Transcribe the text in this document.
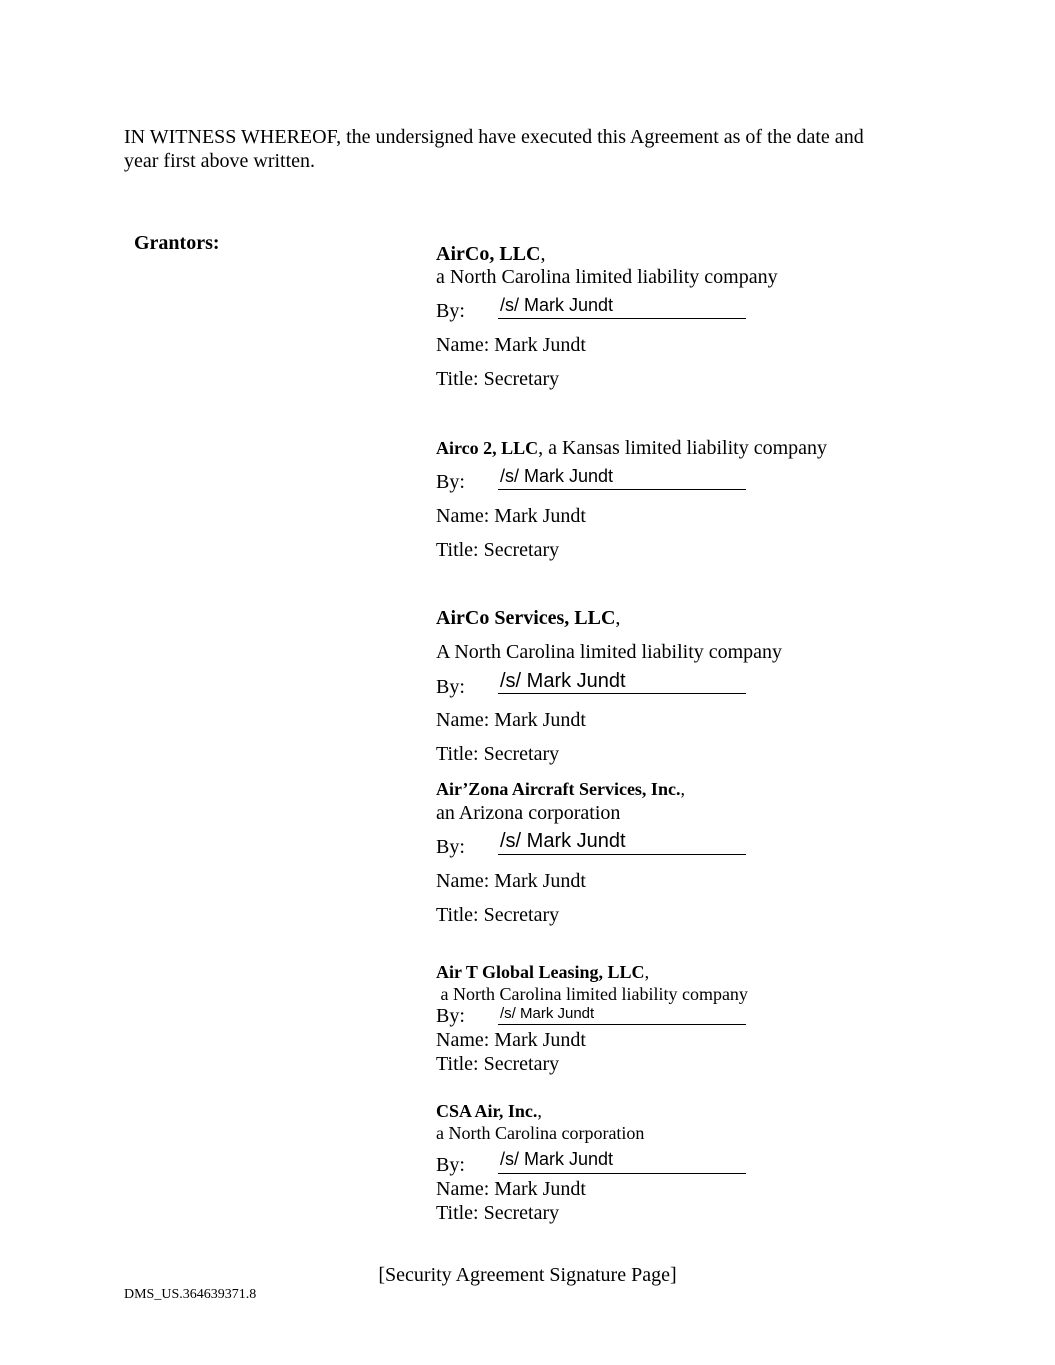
IN WITNESS WHEREOF, the undersigned have executed this Agreement as of the date and
year first above written.
Grantors:	AirCo, LLC,
a North Carolina limited liability company
By: /s/ Mark Jundt
Name: Mark Jundt
Title: Secretary
Airco 2, LLC, a Kansas limited liability company
By: /s/ Mark Jundt
Name: Mark Jundt
Title: Secretary
AirCo Services, LLC,
A North Carolina limited liability company
By: /s/ Mark Jundt
Name: Mark Jundt
Title: Secretary
Air’Zona Aircraft Services, Inc.,
an Arizona corporation
By: /s/ Mark Jundt
Name: Mark Jundt
Title: Secretary
Air T Global Leasing, LLC,
a North Carolina limited liability company
By: /s/ Mark Jundt
Name: Mark Jundt
Title: Secretary
CSA Air, Inc.,
a North Carolina corporation
By: /s/ Mark Jundt
Name: Mark Jundt
Title: Secretary
[Security Agreement Signature Page]
DMS_US.364639371.8
